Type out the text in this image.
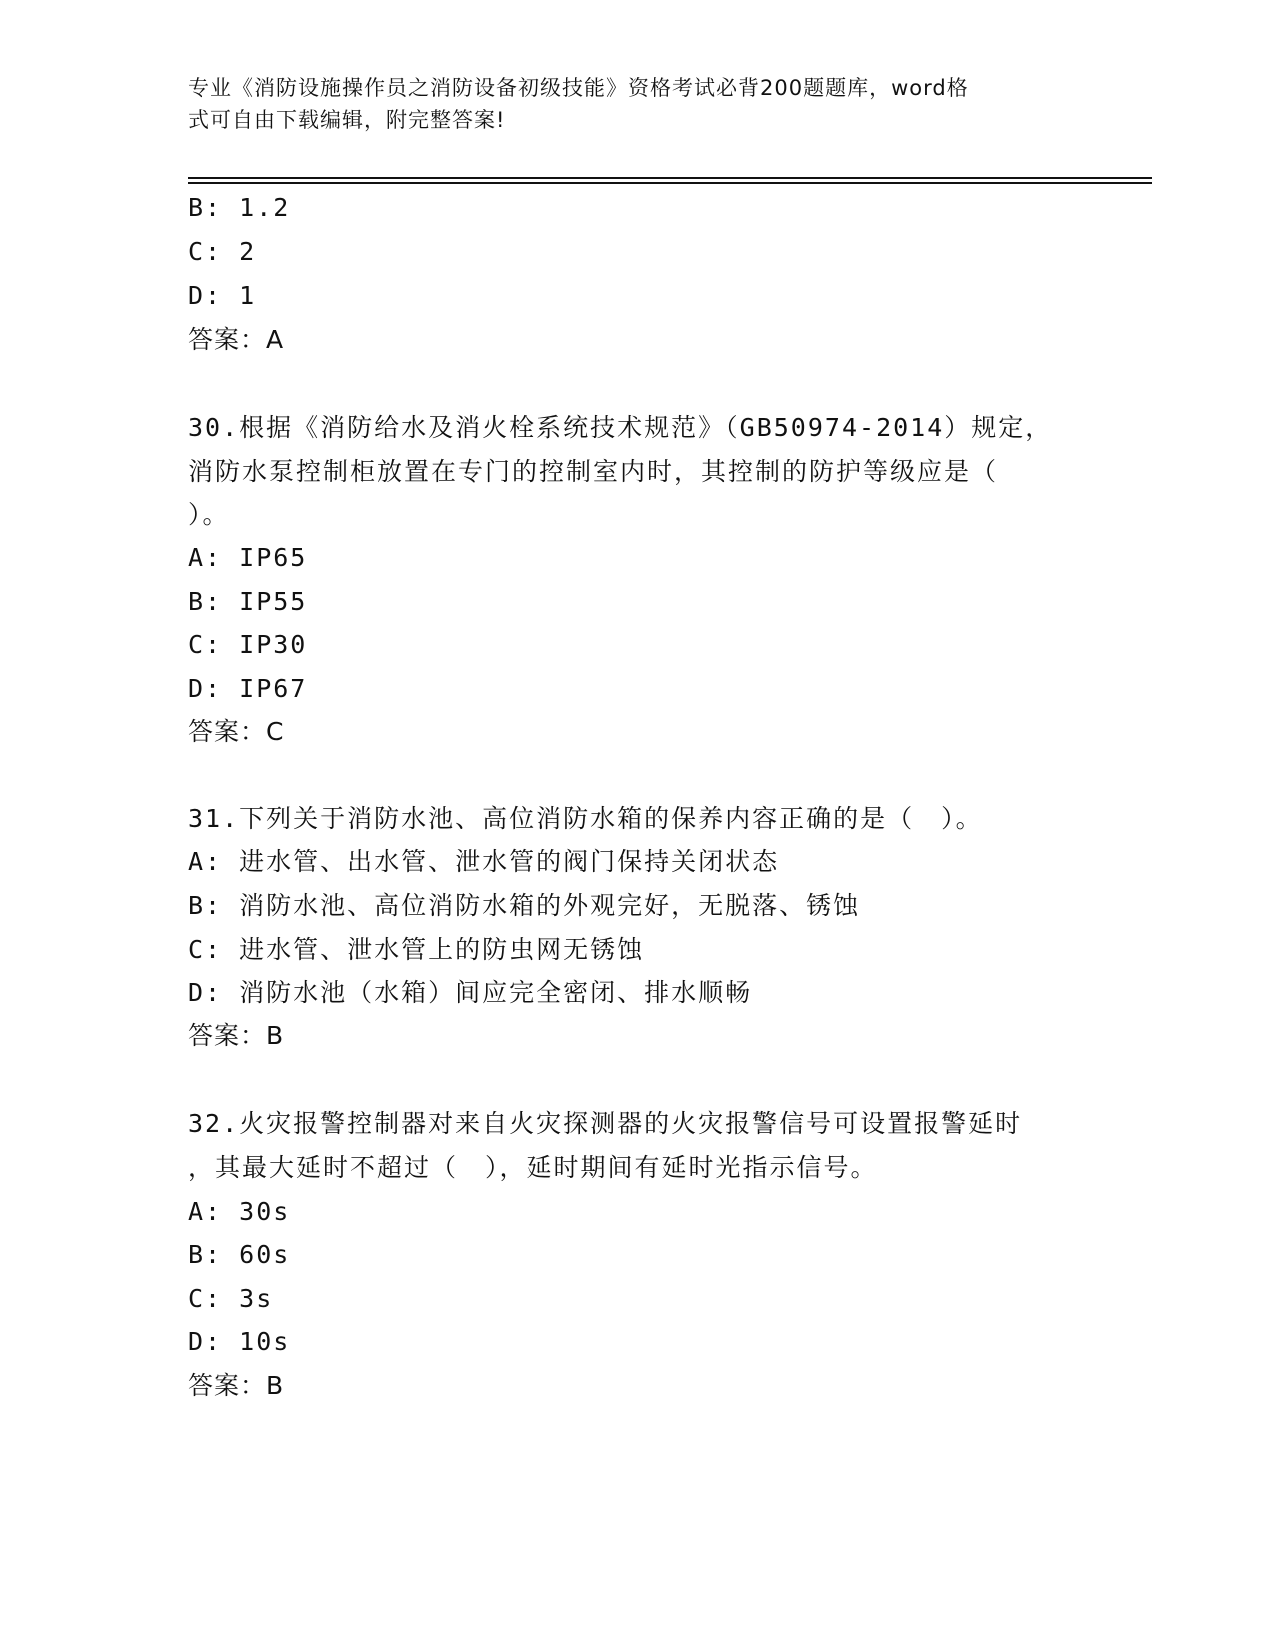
专业《消防设施操作员之消防设备初级技能》资格考试必背200题题库，word格
式可自由下载编辑，附完整答案!
B: 1.2
C: 2
D: 1
答案：A
30.根据《消防给水及消火栓系统技术规范》（GB50974-2014）规定，
消防水泵控制柜放置在专门的控制室内时，其控制的防护等级应是（
）。
A: IP65
B: IP55
C: IP30
D: IP67
答案：C
31.下列关于消防水池、高位消防水箱的保养内容正确的是（　）。
A: 进水管、出水管、泄水管的阀门保持关闭状态
B: 消防水池、高位消防水箱的外观完好，无脱落、锈蚀
C: 进水管、泄水管上的防虫网无锈蚀
D: 消防水池（水箱）间应完全密闭、排水顺畅
答案：B
32.火灾报警控制器对来自火灾探测器的火灾报警信号可设置报警延时
，其最大延时不超过（　），延时期间有延时光指示信号。
A: 30s
B: 60s
C: 3s
D: 10s
答案：B
